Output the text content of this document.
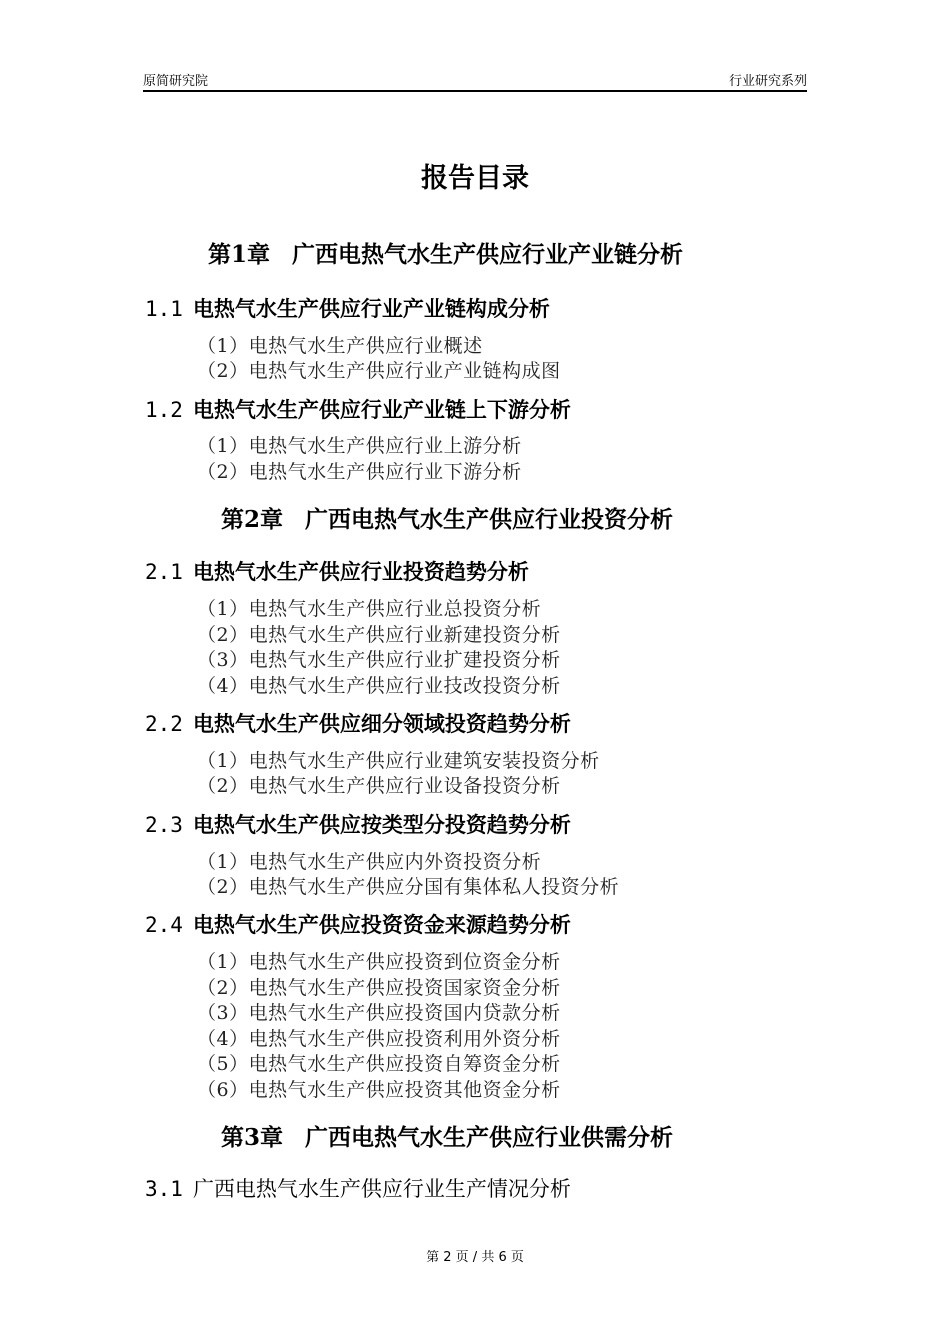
原简研究院	行业研究系列
报告目录
第1章 广西电热气水生产供应行业产业链分析
1.1 电热气水生产供应行业产业链构成分析
（1）电热气水生产供应行业概述
（2）电热气水生产供应行业产业链构成图
1.2 电热气水生产供应行业产业链上下游分析
（1）电热气水生产供应行业上游分析
（2）电热气水生产供应行业下游分析
第2章 广西电热气水生产供应行业投资分析
2.1 电热气水生产供应行业投资趋势分析
（1）电热气水生产供应行业总投资分析
（2）电热气水生产供应行业新建投资分析
（3）电热气水生产供应行业扩建投资分析
（4）电热气水生产供应行业技改投资分析
2.2 电热气水生产供应细分领域投资趋势分析
（1）电热气水生产供应行业建筑安装投资分析
（2）电热气水生产供应行业设备投资分析
2.3 电热气水生产供应按类型分投资趋势分析
（1）电热气水生产供应内外资投资分析
（2）电热气水生产供应分国有集体私人投资分析
2.4 电热气水生产供应投资资金来源趋势分析
（1）电热气水生产供应投资到位资金分析
（2）电热气水生产供应投资国家资金分析
（3）电热气水生产供应投资国内贷款分析
（4）电热气水生产供应投资利用外资分析
（5）电热气水生产供应投资自筹资金分析
（6）电热气水生产供应投资其他资金分析
第3章 广西电热气水生产供应行业供需分析
3.1 广西电热气水生产供应行业生产情况分析
第 2 页 / 共 6 页
